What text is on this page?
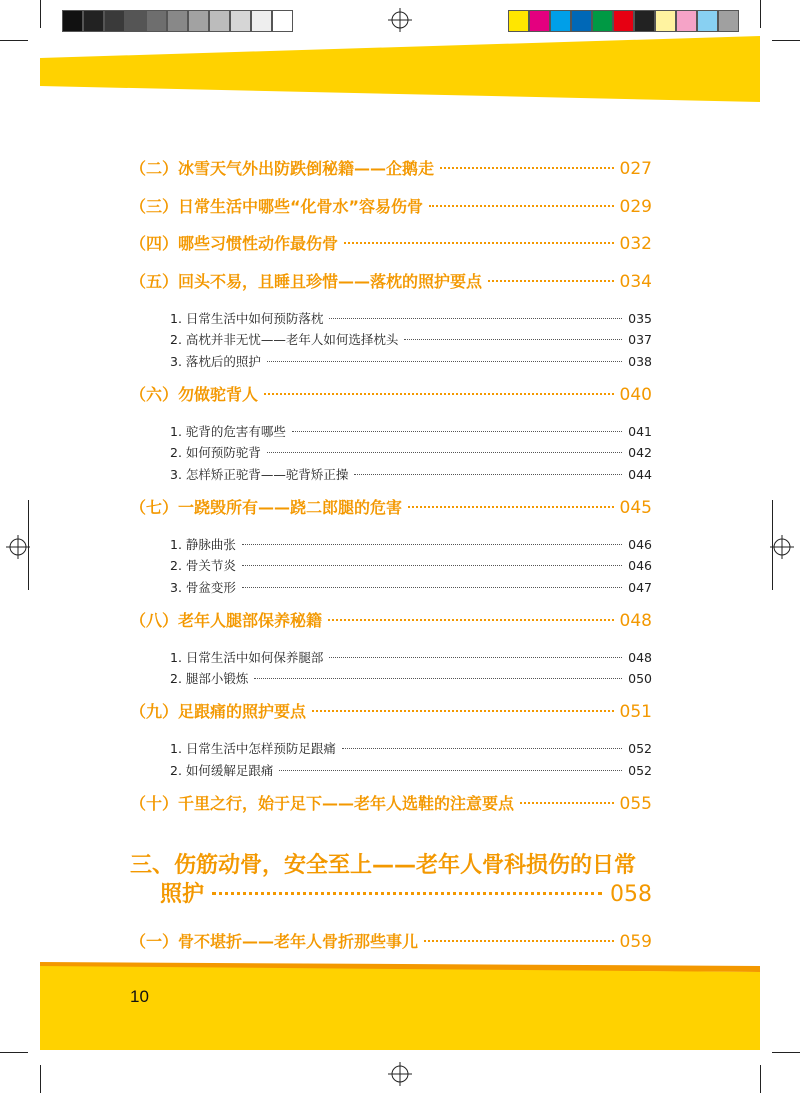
（二）冰雪天气外出防跌倒秘籍——企鹅走	027
（三）日常生活中哪些“化骨水”容易伤骨	029
（四）哪些习惯性动作最伤骨	032
（五）回头不易，且睡且珍惜——落枕的照护要点	034
1. 日常生活中如何预防落枕	035
2. 高枕并非无忧——老年人如何选择枕头	037
3. 落枕后的照护	038
（六）勿做驼背人	040
1. 驼背的危害有哪些	041
2. 如何预防驼背	042
3. 怎样矫正驼背——驼背矫正操	044
（七）一跷毁所有——跷二郎腿的危害	045
1. 静脉曲张	046
2. 骨关节炎	046
3. 骨盆变形	047
（八）老年人腿部保养秘籍	048
1. 日常生活中如何保养腿部	048
2. 腿部小锻炼	050
（九）足跟痛的照护要点	051
1. 日常生活中怎样预防足跟痛	052
2. 如何缓解足跟痛	052
（十）千里之行，始于足下——老年人选鞋的注意要点	055
三、伤筋动骨，安全至上——老年人骨科损伤的日常
照护	058
（一）骨不堪折——老年人骨折那些事儿	059
10
